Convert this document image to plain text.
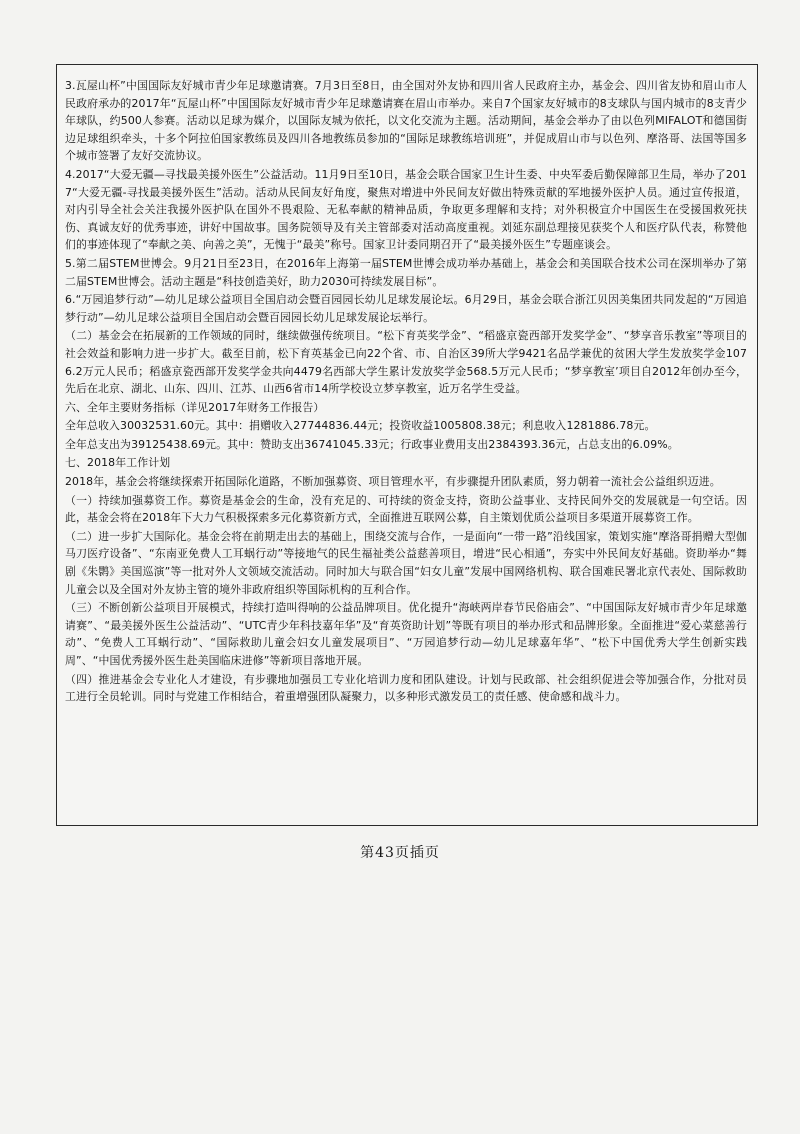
3.瓦屋山杯”中国国际友好城市青少年足球邀请赛。7月3日至8日，由全国对外友协和四川省人民政府主办，基金会、四川省友协和眉山市人民政府承办的2017年“瓦屋山杯”中国国际友好城市青少年足球邀请赛在眉山市举办。来自7个国家友好城市的8支球队与国内城市的8支青少年球队，约500人参赛。活动以足球为媒介，以国际友城为依托，以文化交流为主题。活动期间，基金会举办了由以色列MIFALOT和德国街边足球组织牵头，十多个阿拉伯国家教练员及四川各地教练员参加的“国际足球教练培训班”，并促成眉山市与以色列、摩洛哥、法国等国多个城市签署了友好交流协议。

4.2017“大爱无疆—寻找最美援外医生”公益活动。11月9日至10日，基金会联合国家卫生计生委、中央军委后勤保障部卫生局，举办了2017“大爱无疆-寻找最美援外医生”活动。活动从民间友好角度，聚焦对增进中外民间友好做出特殊贡献的军地援外医护人员。通过宣传报道，对内引导全社会关注我援外医护队在国外不畏艰险、无私奉献的精神品质，争取更多理解和支持；对外积极宣介中国医生在受援国救死扶伤、真诚友好的优秀事迹，讲好中国故事。国务院领导及有关主管部委对活动高度重视。刘延东副总理接见获奖个人和医疗队代表，称赞他们的事迹体现了“奉献之美、向善之美”，无愧于“最美”称号。国家卫计委同期召开了“最美援外医生”专题座谈会。

5.第二届STEM世博会。9月21日至23日，在2016年上海第一届STEM世博会成功举办基础上，基金会和美国联合技术公司在深圳举办了第二届STEM世博会。活动主题是“科技创造美好，助力2030可持续发展目标”。

6.“万园追梦行动”—幼儿足球公益项目全国启动会暨百园园长幼儿足球发展论坛。6月29日，基金会联合浙江贝因美集团共同发起的“万园追梦行动”—幼儿足球公益项目全国启动会暨百园园长幼儿足球发展论坛举行。

（二）基金会在拓展新的工作领域的同时，继续做强传统项目。“松下育英奖学金”、“稻盛京瓷西部开发奖学金”、“梦享音乐教室”等项目的社会效益和影响力进一步扩大。截至目前，松下育英基金已向22个省、市、自治区39所大学9421名品学兼优的贫困大学生发放奖学金1076.2万元人民币；稻盛京瓷西部开发奖学金共向4479名西部大学生累计发放奖学金568.5万元人民币；“梦享教室’项目自2012年创办至今，先后在北京、湖北、山东、四川、江苏、山西6省市14所学校设立梦享教室，近万名学生受益。

六、全年主要财务指标（详见2017年财务工作报告）

全年总收入30032531.60元。其中：捐赠收入27744836.44元；投资收益1005808.38元；利息收入1281886.78元。

全年总支出为39125438.69元。其中：赞助支出36741045.33元；行政事业费用支出2384393.36元，占总支出的6.09%。

七、2018年工作计划

2018年，基金会将继续探索开拓国际化道路，不断加强募资、项目管理水平，有步骤提升团队素质，努力朝着一流社会公益组织迈进。

（一）持续加强募资工作。募资是基金会的生命，没有充足的、可持续的资金支持，资助公益事业、支持民间外交的发展就是一句空话。因此，基金会将在2018年下大力气积极探索多元化募资新方式，全面推进互联网公募，自主策划优质公益项目多渠道开展募资工作。

（二）进一步扩大国际化。基金会将在前期走出去的基础上，围绕交流与合作，一是面向“一带一路”沿线国家，策划实施“摩洛哥捐赠大型伽马刀医疗设备”、“东南亚免费人工耳蜗行动”等接地气的民生福祉类公益慈善项目，增进“民心相通”，夯实中外民间友好基础。资助举办“舞剧《朱鹮》美国巡演”等一批对外人文领域交流活动。同时加大与联合国“妇女儿童”发展中国网络机构、联合国难民署北京代表处、国际救助儿童会以及全国对外友协主管的境外非政府组织等国际机构的互利合作。

（三）不断创新公益项目开展模式，持续打造叫得响的公益品牌项目。优化提升“海峡两岸春节民俗庙会”、“中国国际友好城市青少年足球邀请赛”、“最美援外医生公益活动”、“UTC青少年科技嘉年华”及“育英资助计划”等既有项目的举办形式和品牌形象。全面推进“爱心菜慈善行动”、“免费人工耳蜗行动”、“国际救助儿童会妇女儿童发展项目”、“万园追梦行动—幼儿足球嘉年华”、“松下中国优秀大学生创新实践周”、“中国优秀援外医生赴美国临床进修”等新项目落地开展。

（四）推进基金会专业化人才建设，有步骤地加强员工专业化培训力度和团队建设。计划与民政部、社会组织促进会等加强合作，分批对员工进行全员轮训。同时与党建工作相结合，着重增强团队凝聚力，以多种形式激发员工的责任感、使命感和战斗力。

第43页插页
